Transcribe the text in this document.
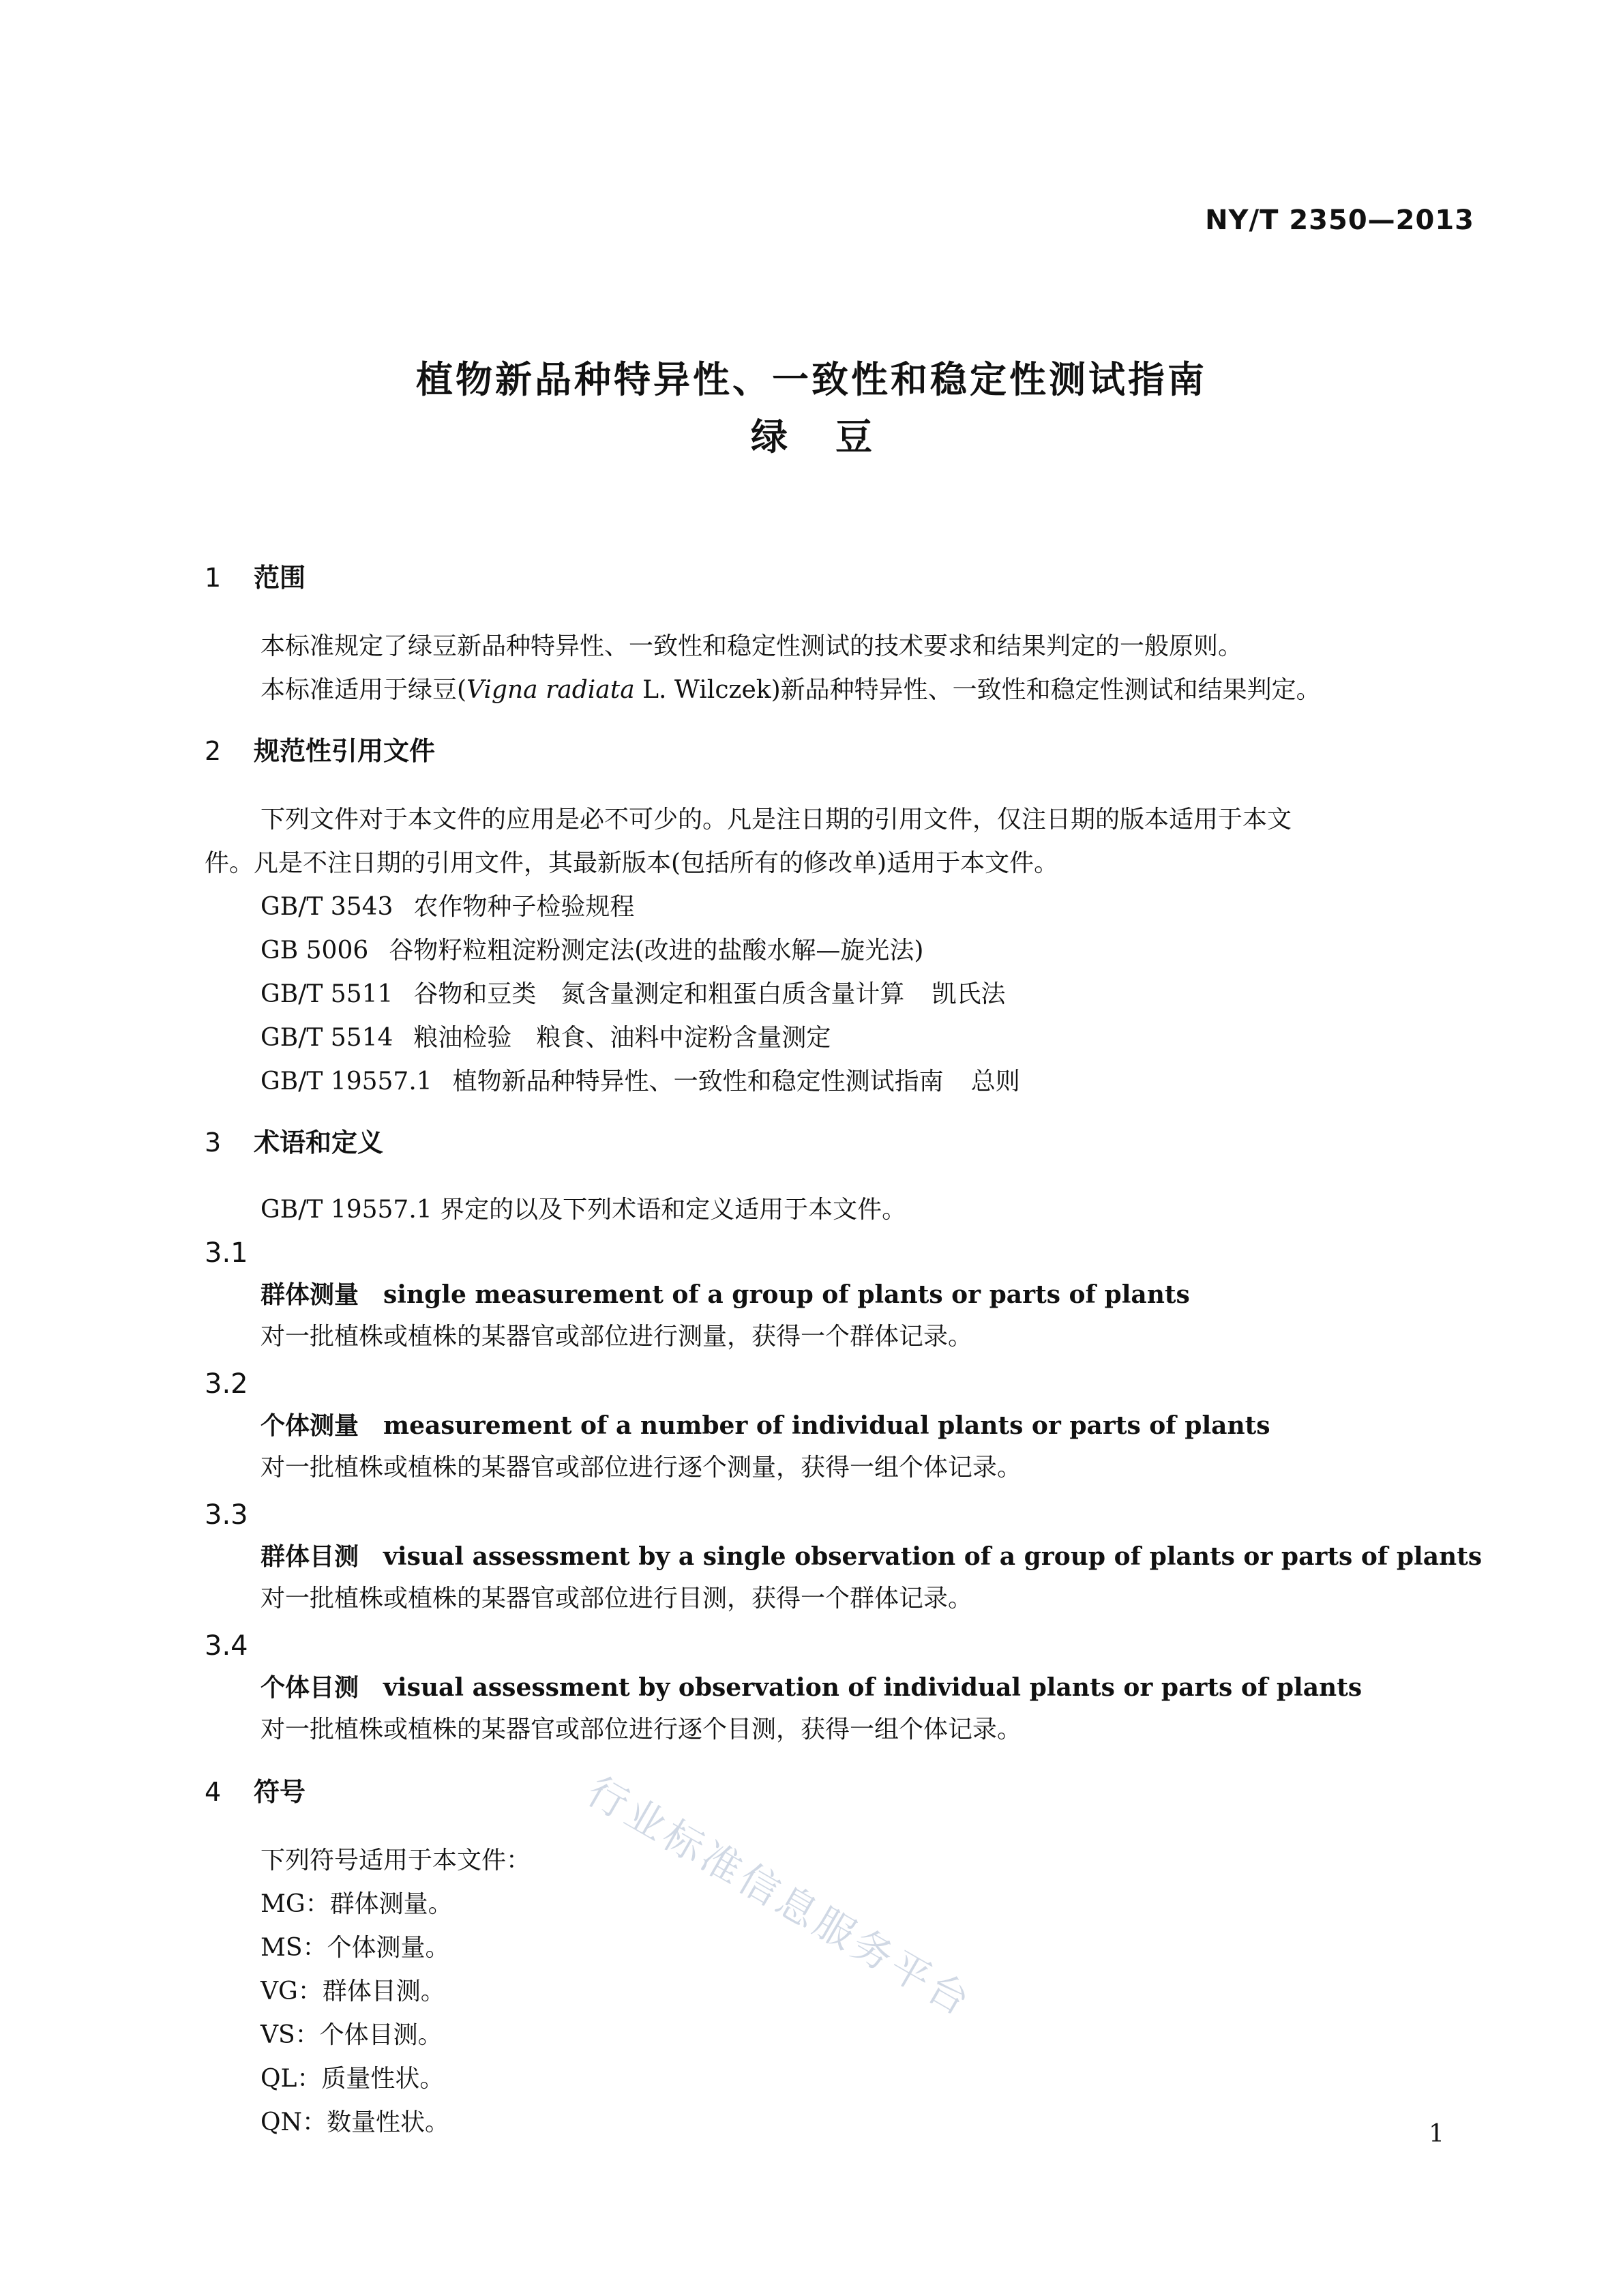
NY/T 2350—2013
植物新品种特异性、一致性和稳定性测试指南
绿豆
1 范围
本标准规定了绿豆新品种特异性、一致性和稳定性测试的技术要求和结果判定的一般原则。
本标准适用于绿豆(Vigna radiata L. Wilczek)新品种特异性、一致性和稳定性测试和结果判定。
2 规范性引用文件
下列文件对于本文件的应用是必不可少的。凡是注日期的引用文件，仅注日期的版本适用于本文
件。凡是不注日期的引用文件，其最新版本(包括所有的修改单)适用于本文件。
GB/T 3543 农作物种子检验规程
GB 5006 谷物籽粒粗淀粉测定法(改进的盐酸水解—旋光法)
GB/T 5511 谷物和豆类　氮含量测定和粗蛋白质含量计算 凯氏法
GB/T 5514 粮油检验　粮食、油料中淀粉含量测定
GB/T 19557.1 植物新品种特异性、一致性和稳定性测试指南 总则
3 术语和定义
GB/T 19557.1 界定的以及下列术语和定义适用于本文件。
3.1
群体测量 single measurement of a group of plants or parts of plants
对一批植株或植株的某器官或部位进行测量，获得一个群体记录。
3.2
个体测量 measurement of a number of individual plants or parts of plants
对一批植株或植株的某器官或部位进行逐个测量，获得一组个体记录。
3.3
群体目测 visual assessment by a single observation of a group of plants or parts of plants
对一批植株或植株的某器官或部位进行目测，获得一个群体记录。
3.4
个体目测 visual assessment by observation of individual plants or parts of plants
对一批植株或植株的某器官或部位进行逐个目测，获得一组个体记录。
4 符号
下列符号适用于本文件：
MG：群体测量。
MS：个体测量。
VG：群体目测。
VS：个体目测。
QL：质量性状。
QN：数量性状。
行业标准信息服务平台
1
